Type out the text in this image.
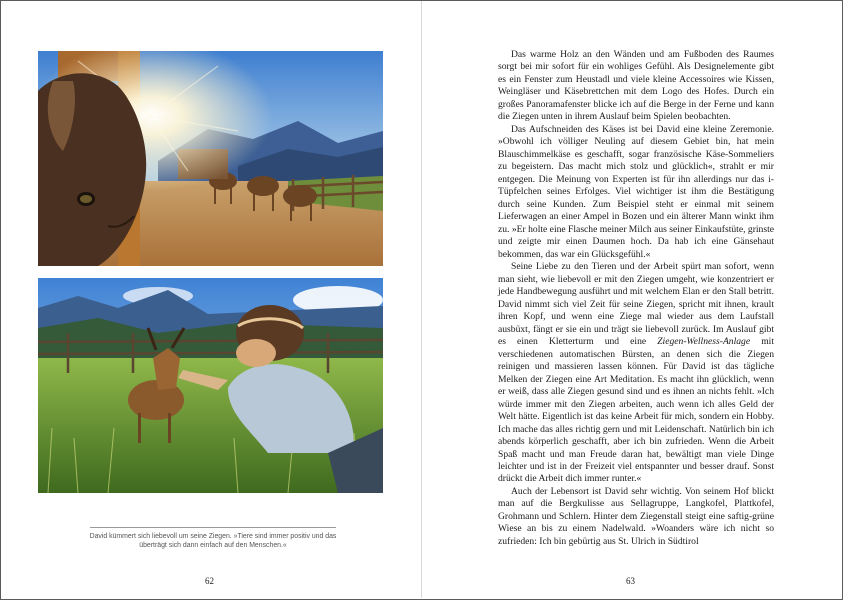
David kümmert sich liebevoll um seine Ziegen. »Tiere sind immer positiv und das überträgt sich dann einfach auf den Menschen.«

62

Das warme Holz an den Wänden und am Fußboden des Raumes sorgt bei mir sofort für ein wohliges Gefühl. Als Designelemente gibt es ein Fenster zum Heustadl und viele kleine Accessoires wie Kissen, Weingläser und Käsebrettchen mit dem Logo des Hofes. Durch ein großes Panoramafenster blicke ich auf die Berge in der Ferne und kann die Ziegen unten in ihrem Auslauf beim Spielen beobachten.

Das Aufschneiden des Käses ist bei David eine kleine Zeremonie. »Obwohl ich völliger Neuling auf diesem Gebiet bin, hat mein Blauschimmelkäse es geschafft, sogar französische Käse-Sommeliers zu begeistern. Das macht mich stolz und glücklich«, strahlt er mir entgegen. Die Meinung von Experten ist für ihn allerdings nur das i-Tüpfelchen seines Erfolges. Viel wichtiger ist ihm die Bestätigung durch seine Kunden. Zum Beispiel steht er einmal mit seinem Lieferwagen an einer Ampel in Bozen und ein älterer Mann winkt ihm zu. »Er holte eine Flasche meiner Milch aus seiner Einkaufstüte, grinste und zeigte mir einen Daumen hoch. Da hab ich eine Gänsehaut bekommen, das war ein Glücksgefühl.«

Seine Liebe zu den Tieren und der Arbeit spürt man sofort, wenn man sieht, wie liebevoll er mit den Ziegen umgeht, wie konzentriert er jede Handbewegung ausführt und mit welchem Elan er den Stall betritt. David nimmt sich viel Zeit für seine Ziegen, spricht mit ihnen, krault ihren Kopf, und wenn eine Ziege mal wieder aus dem Laufstall ausbüxt, fängt er sie ein und trägt sie liebevoll zurück. Im Auslauf gibt es einen Kletterturm und eine Ziegen-Wellness-Anlage mit verschiedenen automatischen Bürsten, an denen sich die Ziegen reinigen und massieren lassen können. Für David ist das tägliche Melken der Ziegen eine Art Meditation. Es macht ihn glücklich, wenn er weiß, dass alle Ziegen gesund sind und es ihnen an nichts fehlt. »Ich würde immer mit den Ziegen arbeiten, auch wenn ich alles Geld der Welt hätte. Eigentlich ist das keine Arbeit für mich, sondern ein Hobby. Ich mache das alles richtig gern und mit Leidenschaft. Natürlich bin ich abends körperlich geschafft, aber ich bin zufrieden. Wenn die Arbeit Spaß macht und man Freude daran hat, bewältigt man viele Dinge leichter und ist in der Freizeit viel entspannter und besser drauf. Sonst drückt die Arbeit dich immer runter.«

Auch der Lebensort ist David sehr wichtig. Von seinem Hof blickt man auf die Bergkulisse aus Sellagruppe, Langkofel, Plattkofel, Grohmann und Schlern. Hinter dem Ziegenstall steigt eine saftig-grüne Wiese an bis zu einem Nadelwald. »Woanders wäre ich nicht so zufrieden: Ich bin gebürtig aus St. Ulrich in Südtirol

63
